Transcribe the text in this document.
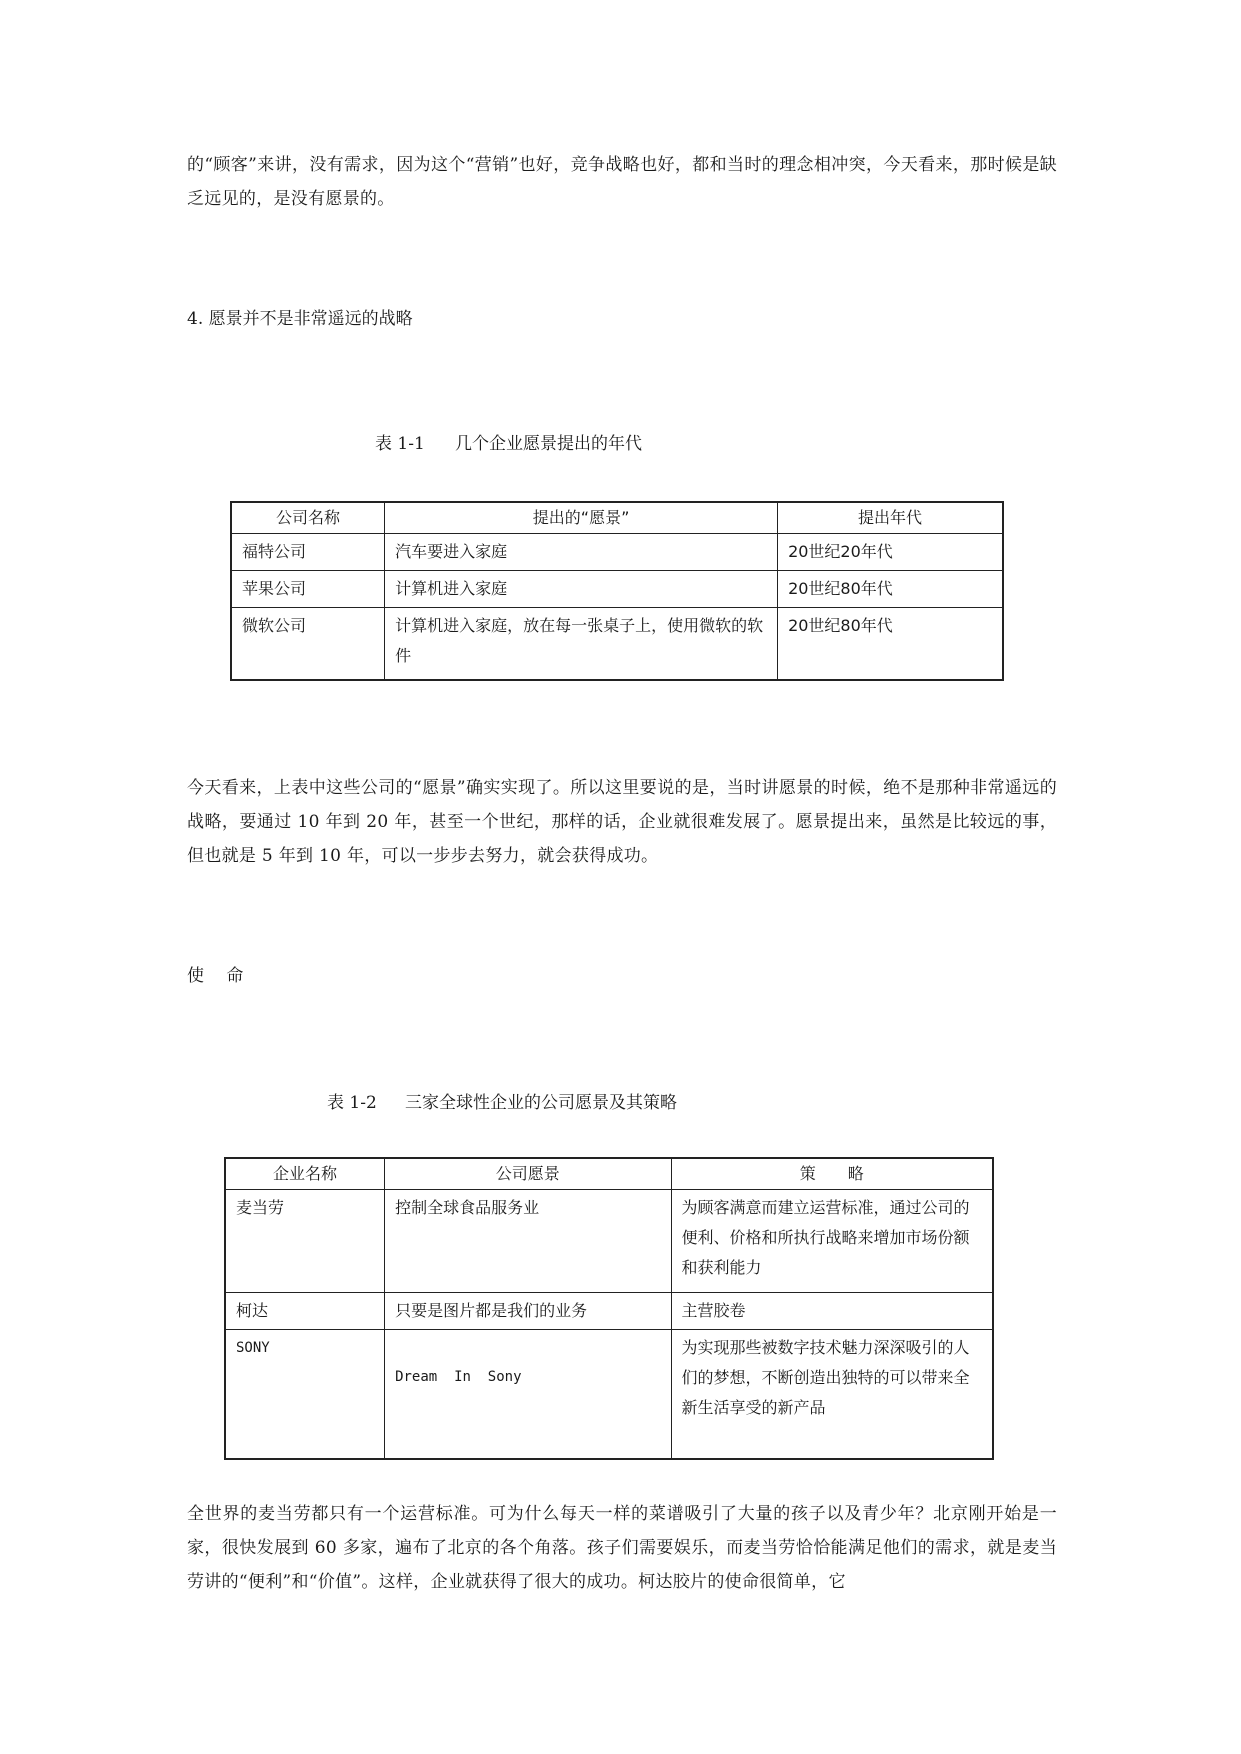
的“顾客”来讲，没有需求，因为这个“营销”也好，竞争战略也好，都和当时的理念相冲突，今天看来，那时候是缺乏远见的，是没有愿景的。

4. 愿景并不是非常遥远的战略

表 1-1 几个企业愿景提出的年代
公司名称	提出的“愿景”	提出年代
福特公司	汽车要进入家庭	20世纪20年代
苹果公司	计算机进入家庭	20世纪80年代
微软公司	计算机进入家庭，放在每一张桌子上，使用微软的软件	20世纪80年代

今天看来，上表中这些公司的“愿景”确实实现了。所以这里要说的是，当时讲愿景的时候，绝不是那种非常遥远的战略，要通过 10 年到 20 年，甚至一个世纪，那样的话，企业就很难发展了。愿景提出来，虽然是比较远的事，但也就是 5 年到 10 年，可以一步步去努力，就会获得成功。

使　 命

表 1-2 三家全球性企业的公司愿景及其策略
企业名称	公司愿景	策　　略
麦当劳	控制全球食品服务业	为顾客满意而建立运营标准，通过公司的便利、价格和所执行战略来增加市场份额和获利能力
柯达	只要是图片都是我们的业务	主营胶卷
SONY	Dream  In  Sony	为实现那些被数字技术魅力深深吸引的人们的梦想，不断创造出独特的可以带来全新生活享受的新产品

全世界的麦当劳都只有一个运营标准。可为什么每天一样的菜谱吸引了大量的孩子以及青少年？北京刚开始是一家，很快发展到 60 多家，遍布了北京的各个角落。孩子们需要娱乐，而麦当劳恰恰能满足他们的需求，就是麦当劳讲的“便利”和“价值”。这样，企业就获得了很大的成功。柯达胶片的使命很简单，它
